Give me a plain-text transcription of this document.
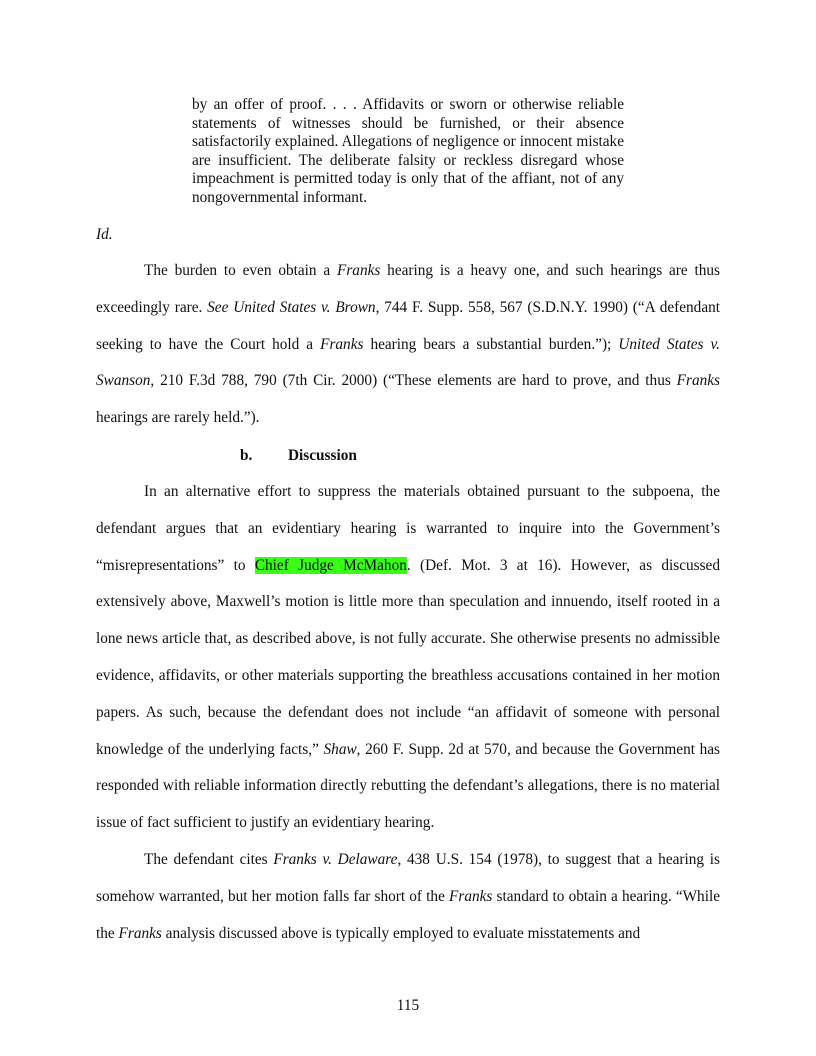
by an offer of proof. . . . Affidavits or sworn or otherwise reliable statements of witnesses should be furnished, or their absence satisfactorily explained. Allegations of negligence or innocent mistake are insufficient. The deliberate falsity or reckless disregard whose impeachment is permitted today is only that of the affiant, not of any nongovernmental informant.
Id.
The burden to even obtain a Franks hearing is a heavy one, and such hearings are thus exceedingly rare. See United States v. Brown, 744 F. Supp. 558, 567 (S.D.N.Y. 1990) (“A defendant seeking to have the Court hold a Franks hearing bears a substantial burden.”); United States v. Swanson, 210 F.3d 788, 790 (7th Cir. 2000) (“These elements are hard to prove, and thus Franks hearings are rarely held.”).
b. Discussion
In an alternative effort to suppress the materials obtained pursuant to the subpoena, the defendant argues that an evidentiary hearing is warranted to inquire into the Government’s “misrepresentations” to Chief Judge McMahon. (Def. Mot. 3 at 16). However, as discussed extensively above, Maxwell’s motion is little more than speculation and innuendo, itself rooted in a lone news article that, as described above, is not fully accurate. She otherwise presents no admissible evidence, affidavits, or other materials supporting the breathless accusations contained in her motion papers. As such, because the defendant does not include “an affidavit of someone with personal knowledge of the underlying facts,” Shaw, 260 F. Supp. 2d at 570, and because the Government has responded with reliable information directly rebutting the defendant’s allegations, there is no material issue of fact sufficient to justify an evidentiary hearing.
The defendant cites Franks v. Delaware, 438 U.S. 154 (1978), to suggest that a hearing is somehow warranted, but her motion falls far short of the Franks standard to obtain a hearing. “While the Franks analysis discussed above is typically employed to evaluate misstatements and
115
